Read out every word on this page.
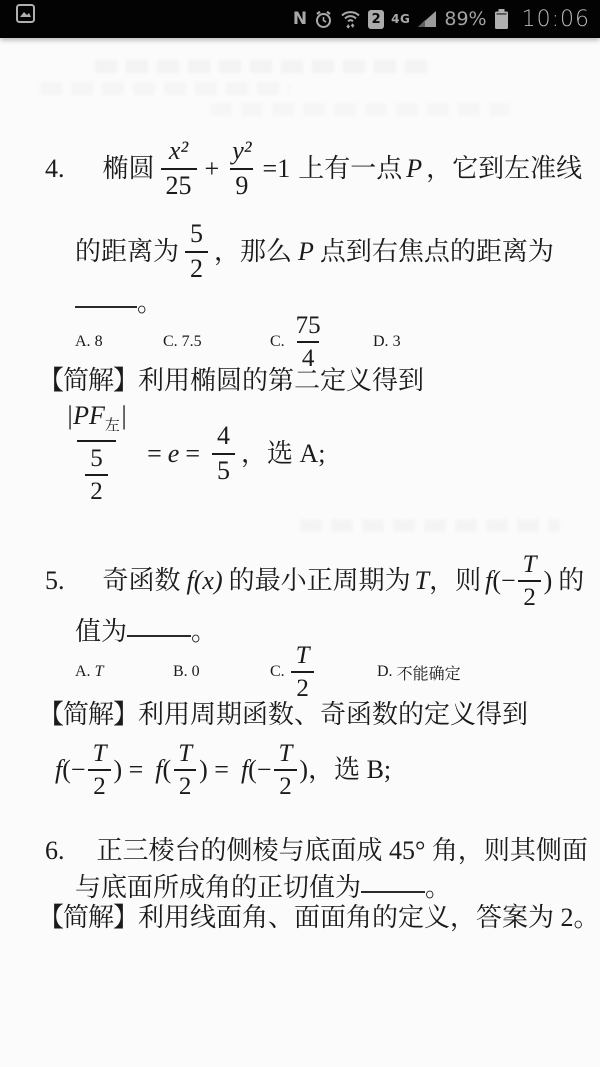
N	2 4G 89% 10:06
4. 椭圆 $\frac{\text{x²}}{25} + \frac{\text{y²}}{9} =1$ 上有一点 P ，它到左准线
的距离为 $\frac{5}{2}$ ，那么 P 点到右焦点的距离为
。
A.
8	C.
7.5	C. $\frac{75}{4}$	D.
3
【简解】利用椭圆的第二定义得到
$\frac{|PF_左|}{\frac{5}{2}} = e = \frac{4}{5}$ ，选 A;
5. 奇函数 f(x) 的最小正周期为 T ，则 f (− $\frac{T}{2}$ ) 的
值为 。
A.
T	B.
0	C. $\frac{T}{2}$	D.
不能确定
【简解】利用周期函数、奇函数的定义得到
f (− $\frac{T}{2}$ ) = f ( $\frac{T}{2}$ ) = f (− $\frac{T}{2}$ ) ，选 B;
6. 正三棱台的侧棱与底面成 45° 角，则其侧面
与底面所成角的正切值为 。
【简解】利用线面角、面面角的定义，答案为 2。
